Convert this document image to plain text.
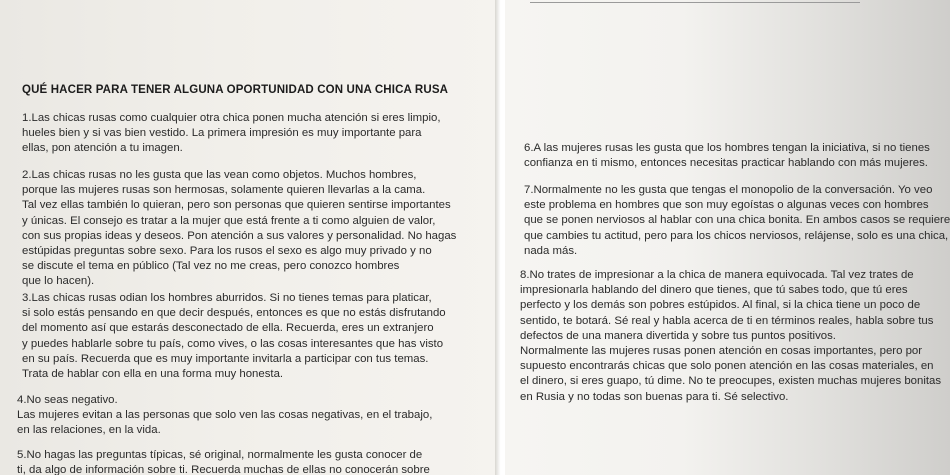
QUÉ HACER PARA TENER ALGUNA OPORTUNIDAD CON UNA CHICA RUSA
1.Las chicas rusas como cualquier otra chica ponen mucha atención si eres limpio,
hueles bien y si vas bien vestido. La primera impresión es muy importante para
ellas, pon atención a tu imagen.
2.Las chicas rusas no les gusta que las vean como objetos. Muchos hombres,
porque las mujeres rusas son hermosas, solamente quieren llevarlas a la cama.
Tal vez ellas también lo quieran, pero son personas que quieren sentirse importantes
y únicas. El consejo es tratar a la mujer que está frente a ti como alguien de valor,
con sus propias ideas y deseos. Pon atención a sus valores y personalidad. No hagas
estúpidas preguntas sobre sexo. Para los rusos el sexo es algo muy privado y no
se discute el tema en público (Tal vez no me creas, pero conozco hombres
que lo hacen).
3.Las chicas rusas odian los hombres aburridos. Si no tienes temas para platicar,
si solo estás pensando en que decir después, entonces es que no estás disfrutando
del momento así que estarás desconectado de ella. Recuerda, eres un extranjero
y puedes hablarle sobre tu país, como vives, o las cosas interesantes que has visto
en su país. Recuerda que es muy importante invitarla a participar con tus temas.
Trata de hablar con ella en una forma muy honesta.
4.No seas negativo.
Las mujeres evitan a las personas que solo ven las cosas negativas, en el trabajo,
en las relaciones, en la vida.
5.No hagas las preguntas típicas, sé original, normalmente les gusta conocer de
ti, da algo de información sobre ti. Recuerda muchas de ellas no conocerán sobre
6.A las mujeres rusas les gusta que los hombres tengan la iniciativa, si no tienes
confianza en ti mismo, entonces necesitas practicar hablando con más mujeres.
7.Normalmente no les gusta que tengas el monopolio de la conversación. Yo veo
este problema en hombres que son muy egoístas o algunas veces con hombres
que se ponen nerviosos al hablar con una chica bonita. En ambos casos se requiere
que cambies tu actitud, pero para los chicos nerviosos, relájense, solo es una chica,
nada más.
8.No trates de impresionar a la chica de manera equivocada. Tal vez trates de
impresionarla hablando del dinero que tienes, que tú sabes todo, que tú eres
perfecto y los demás son pobres estúpidos. Al final, si la chica tiene un poco de
sentido, te botará. Sé real y habla acerca de ti en términos reales, habla sobre tus
defectos de una manera divertida y sobre tus puntos positivos.
Normalmente las mujeres rusas ponen atención en cosas importantes, pero por
supuesto encontrarás chicas que solo ponen atención en las cosas materiales, en
el dinero, si eres guapo, tú dime. No te preocupes, existen muchas mujeres bonitas
en Rusia y no todas son buenas para ti. Sé selectivo.
